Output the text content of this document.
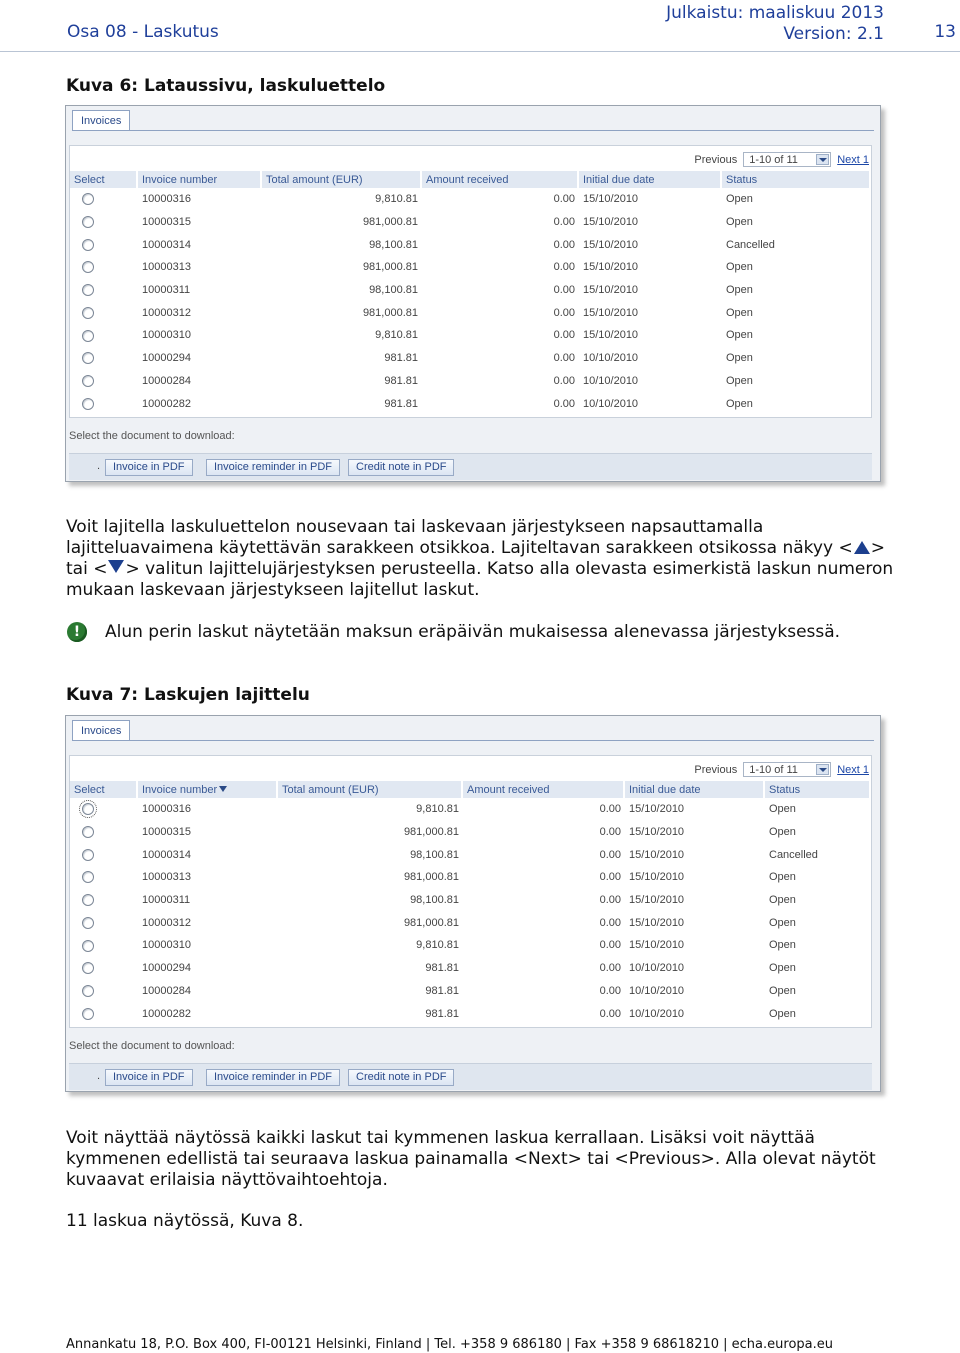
Osa 08 - Laskutus
Julkaistu: maaliskuu 2013
Version: 2.1	13
Kuva 6: Lataussivu, laskuluettelo
Invoices
Previous	1-10 of 11	Next 1
Select	Invoice number	Total amount (EUR)	Amount received	Initial due date	Status
	10000316	9,810.81	0.00	15/10/2010	Open
	10000315	981,000.81	0.00	15/10/2010	Open
	10000314	98,100.81	0.00	15/10/2010	Cancelled
	10000313	981,000.81	0.00	15/10/2010	Open
	10000311	98,100.81	0.00	15/10/2010	Open
	10000312	981,000.81	0.00	15/10/2010	Open
	10000310	9,810.81	0.00	15/10/2010	Open
	10000294	981.81	0.00	10/10/2010	Open
	10000284	981.81	0.00	10/10/2010	Open
	10000282	981.81	0.00	10/10/2010	Open
Select the document to download:
.	Invoice in PDF	Invoice reminder in PDF	Credit note in PDF

Voit lajitella laskuluettelon nousevaan tai laskevaan järjestykseen napsauttamalla lajitteluavaimena käytettävän sarakkeen otsikkoa. Lajiteltavan sarakkeen otsikossa näkyy < > tai < > valitun lajittelujärjestyksen perusteella. Katso alla olevasta esimerkistä laskun numeron mukaan laskevaan järjestykseen lajitellut laskut.

!

Alun perin laskut näytetään maksun eräpäivän mukaisessa alenevassa järjestyksessä.

Kuva 7: Laskujen lajittelu
Invoices
Previous	1-10 of 11	Next 1
Select	Invoice number	Total amount (EUR)	Amount received	Initial due date	Status
	10000316	9,810.81	0.00	15/10/2010	Open
	10000315	981,000.81	0.00	15/10/2010	Open
	10000314	98,100.81	0.00	15/10/2010	Cancelled
	10000313	981,000.81	0.00	15/10/2010	Open
	10000311	98,100.81	0.00	15/10/2010	Open
	10000312	981,000.81	0.00	15/10/2010	Open
	10000310	9,810.81	0.00	15/10/2010	Open
	10000294	981.81	0.00	10/10/2010	Open
	10000284	981.81	0.00	10/10/2010	Open
	10000282	981.81	0.00	10/10/2010	Open
Select the document to download:
.	Invoice in PDF	Invoice reminder in PDF	Credit note in PDF

Voit näyttää näytössä kaikki laskut tai kymmenen laskua kerrallaan. Lisäksi voit näyttää kymmenen edellistä tai seuraava laskua painamalla <Next> tai <Previous>. Alla olevat näytöt kuvaavat erilaisia näyttövaihtoehtoja.

11 laskua näytössä, Kuva 8.

Annankatu 18, P.O. Box 400, FI-00121 Helsinki, Finland | Tel. +358 9 686180 | Fax +358 9 68618210 | echa.europa.eu
